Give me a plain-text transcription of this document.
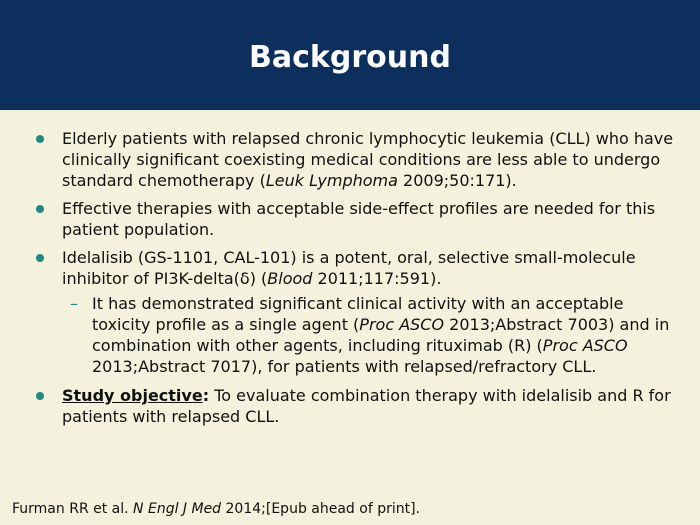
Background
Elderly patients with relapsed chronic lymphocytic leukemia (CLL) who have clinically significant coexisting medical conditions are less able to undergo standard chemotherapy (Leuk Lymphoma 2009;50:171).
Effective therapies with acceptable side-effect profiles are needed for this patient population.
Idelalisib (GS-1101, CAL-101) is a potent, oral, selective small-molecule inhibitor of PI3K-delta(δ) (Blood 2011;117:591).
– It has demonstrated significant clinical activity with an acceptable toxicity profile as a single agent (Proc ASCO 2013;Abstract 7003) and in combination with other agents, including rituximab (R) (Proc ASCO 2013;Abstract 7017), for patients with relapsed/refractory CLL.
Study objective: To evaluate combination therapy with idelalisib and R for patients with relapsed CLL.
Furman RR et al. N Engl J Med 2014;[Epub ahead of print].
